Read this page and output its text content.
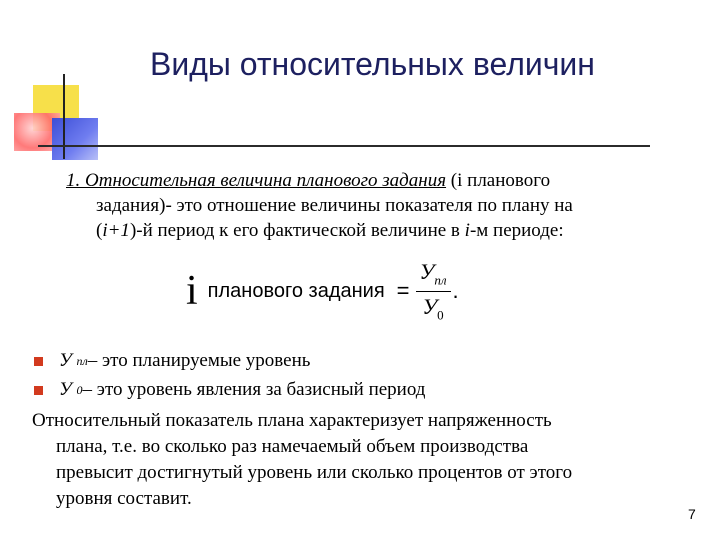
Виды относительных величин
1. Относительная величина планового задания (i планового
задания)- это отношение величины показателя по плану на
(i+1)-й период к его фактической величине в i-м периоде:
i планового задания = $\frac{У_{пл}}{У_0}$ .
У
пл – это планируемые уровень
У
0 – это уровень явления за базисный период
Относительный показатель плана характеризует напряженность
плана, т.е. во сколько раз намечаемый объем производства
превысит достигнутый уровень или сколько процентов от этого
уровня составит.
7
